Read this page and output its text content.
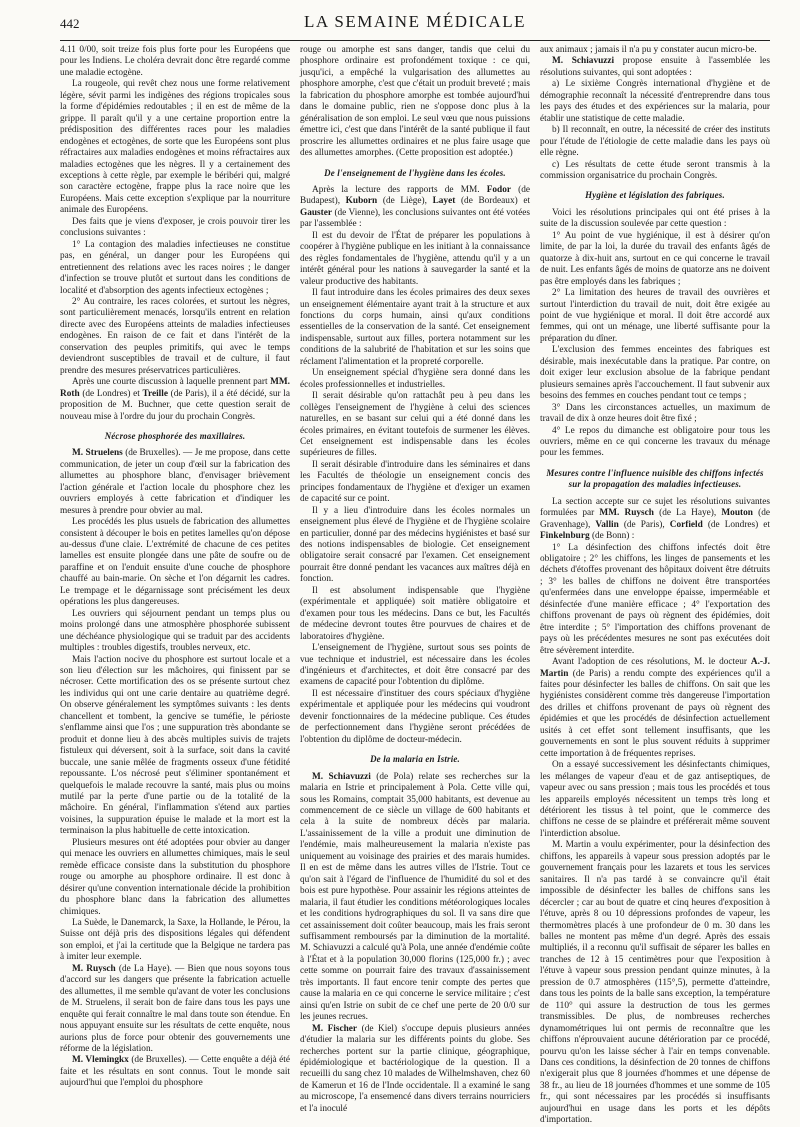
442	LA SEMAINE MÉDICALE

4.11 0/00, soit treize fois plus forte pour les Européens que pour les Indiens. Le choléra devrait donc être regardé comme une maladie ectogène.

La rougeole, qui revêt chez nous une forme relativement légère, sévit parmi les indigènes des régions tropicales sous la forme d'épidémies redoutables ; il en est de même de la grippe. Il paraît qu'il y a une certaine proportion entre la prédisposition des différentes races pour les maladies endogènes et ectogènes, de sorte que les Européens sont plus réfractaires aux maladies endogènes et moins réfractaires aux maladies ectogènes que les nègres. Il y a certainement des exceptions à cette règle, par exemple le béribéri qui, malgré son caractère ectogène, frappe plus la race noire que les Européens. Mais cette exception s'explique par la nourriture animale des Européens.

Des faits que je viens d'exposer, je crois pouvoir tirer les conclusions suivantes :

1° La contagion des maladies infectieuses ne constitue pas, en général, un danger pour les Européens qui entretiennent des relations avec les races noires ; le danger d'infection se trouve plutôt et surtout dans les conditions de localité et d'absorption des agents infectieux ectogènes ;

2° Au contraire, les races colorées, et surtout les nègres, sont particulièrement menacés, lorsqu'ils entrent en relation directe avec des Européens atteints de maladies infectieuses endogènes. En raison de ce fait et dans l'intérêt de la conservation des peuples primitifs, qui avec le temps deviendront susceptibles de travail et de culture, il faut prendre des mesures préservatrices particulières.

Après une courte discussion à laquelle prennent part MM. Roth (de Londres) et Treille (de Paris), il a été décidé, sur la proposition de M. Buchner, que cette question serait de nouveau mise à l'ordre du jour du prochain Congrès.

Nécrose phosphorée des maxillaires.

M. Struelens (de Bruxelles). — Je me propose, dans cette communication, de jeter un coup d'œil sur la fabrication des allumettes au phosphore blanc, d'envisager brièvement l'action générale et l'action locale du phosphore chez les ouvriers employés à cette fabrication et d'indiquer les mesures à prendre pour obvier au mal.

Les procédés les plus usuels de fabrication des allumettes consistent à découper le bois en petites lamelles qu'on dépose au-dessus d'une claie. L'extrémité de chacune de ces petites lamelles est ensuite plongée dans une pâte de soufre ou de paraffine et on l'enduit ensuite d'une couche de phosphore chauffé au bain-marie. On sèche et l'on dégarnit les cadres. Le trempage et le dégarnissage sont précisément les deux opérations les plus dangereuses.

Les ouvriers qui séjournent pendant un temps plus ou moins prolongé dans une atmosphère phosphorée subissent une déchéance physiologique qui se traduit par des accidents multiples : troubles digestifs, troubles nerveux, etc.

Mais l'action nocive du phosphore est surtout locale et a son lieu d'élection sur les mâchoires, qui finissent par se nécroser. Cette mortification des os se présente surtout chez les individus qui ont une carie dentaire au quatrième degré. On observe généralement les symptômes suivants : les dents chancellent et tombent, la gencive se tuméfie, le périoste s'enflamme ainsi que l'os ; une suppuration très abondante se produit et donne lieu à des abcès multiples suivis de trajets fistuleux qui déversent, soit à la surface, soit dans la cavité buccale, une sanie mêlée de fragments osseux d'une fétidité repoussante. L'os nécrosé peut s'éliminer spontanément et quelquefois le malade recouvre la santé, mais plus ou moins mutilé par la perte d'une partie ou de la totalité de la mâchoire. En général, l'inflammation s'étend aux parties voisines, la suppuration épuise le malade et la mort est la terminaison la plus habituelle de cette intoxication.

Plusieurs mesures ont été adoptées pour obvier au danger qui menace les ouvriers en allumettes chimiques, mais le seul remède efficace consiste dans la substitution du phosphore rouge ou amorphe au phosphore ordinaire. Il est donc à désirer qu'une convention internationale décide la prohibition du phosphore blanc dans la fabrication des allumettes chimiques.

La Suède, le Danemarck, la Saxe, la Hollande, le Pérou, la Suisse ont déjà pris des dispositions légales qui défendent son emploi, et j'ai la certitude que la Belgique ne tardera pas à imiter leur exemple.

M. Ruysch (de La Haye). — Bien que nous soyons tous d'accord sur les dangers que présente la fabrication actuelle des allumettes, il me semble qu'avant de voter les conclusions de M. Struelens, il serait bon de faire dans tous les pays une enquête qui ferait connaître le mal dans toute son étendue. En nous appuyant ensuite sur les résultats de cette enquête, nous aurions plus de force pour obtenir des gouvernements une réforme de la législation.

M. Vlemingkx (de Bruxelles). — Cette enquête a déjà été faite et les résultats en sont connus. Tout le monde sait aujourd'hui que l'emploi du phosphore

rouge ou amorphe est sans danger, tandis que celui du phosphore ordinaire est profondément toxique : ce qui, jusqu'ici, a empêché la vulgarisation des allumettes au phosphore amorphe, c'est que c'était un produit breveté ; mais la fabrication du phosphore amorphe est tombée aujourd'hui dans le domaine public, rien ne s'oppose donc plus à la généralisation de son emploi. Le seul vœu que nous puissions émettre ici, c'est que dans l'intérêt de la santé publique il faut proscrire les allumettes ordinaires et ne plus faire usage que des allumettes amorphes. (Cette proposition est adoptée.)

De l'enseignement de l'hygiène dans les écoles.

Après la lecture des rapports de MM. Fodor (de Budapest), Kuborn (de Liège), Layet (de Bordeaux) et Gauster (de Vienne), les conclusions suivantes ont été votées par l'assemblée :

Il est du devoir de l'État de préparer les populations à coopérer à l'hygiène publique en les initiant à la connaissance des règles fondamentales de l'hygiène, attendu qu'il y a un intérêt général pour les nations à sauvegarder la santé et la valeur productive des habitants.

Il faut introduire dans les écoles primaires des deux sexes un enseignement élémentaire ayant trait à la structure et aux fonctions du corps humain, ainsi qu'aux conditions essentielles de la conservation de la santé. Cet enseignement indispensable, surtout aux filles, portera notamment sur les conditions de la salubrité de l'habitation et sur les soins que réclament l'alimentation et la propreté corporelle.

Un enseignement spécial d'hygiène sera donné dans les écoles professionnelles et industrielles.

Il serait désirable qu'on rattachât peu à peu dans les collèges l'enseignement de l'hygiène à celui des sciences naturelles, en se basant sur celui qui a été donné dans les écoles primaires, en évitant toutefois de surmener les élèves. Cet enseignement est indispensable dans les écoles supérieures de filles.

Il serait désirable d'introduire dans les séminaires et dans les Facultés de théologie un enseignement concis des principes fondamentaux de l'hygiène et d'exiger un examen de capacité sur ce point.

Il y a lieu d'introduire dans les écoles normales un enseignement plus élevé de l'hygiène et de l'hygiène scolaire en particulier, donné par des médecins hygiénistes et basé sur des notions indispensables de biologie. Cet enseignement obligatoire serait consacré par l'examen. Cet enseignement pourrait être donné pendant les vacances aux maîtres déjà en fonction.

Il est absolument indispensable que l'hygiène (expérimentale et appliquée) soit matière obligatoire et d'examen pour tous les médecins. Dans ce but, les Facultés de médecine devront toutes être pourvues de chaires et de laboratoires d'hygiène.

L'enseignement de l'hygiène, surtout sous ses points de vue technique et industriel, est nécessaire dans les écoles d'ingénieurs et d'architectes, et doit être consacré par des examens de capacité pour l'obtention du diplôme.

Il est nécessaire d'instituer des cours spéciaux d'hygiène expérimentale et appliquée pour les médecins qui voudront devenir fonctionnaires de la médecine publique. Ces études de perfectionnement dans l'hygiène seront précédées de l'obtention du diplôme de docteur-médecin.

De la malaria en Istrie.

M. Schiavuzzi (de Pola) relate ses recherches sur la malaria en Istrie et principalement à Pola. Cette ville qui, sous les Romains, comptait 35,000 habitants, est devenue au commencement de ce siècle un village de 600 habitants et cela à la suite de nombreux décès par malaria. L'assainissement de la ville a produit une diminution de l'endémie, mais malheureusement la malaria n'existe pas uniquement au voisinage des prairies et des marais humides. Il en est de même dans les autres villes de l'Istrie. Tout ce qu'on sait à l'égard de l'influence de l'humidité du sol et des bois est pure hypothèse. Pour assainir les régions atteintes de malaria, il faut étudier les conditions météorologiques locales et les conditions hydrographiques du sol. Il va sans dire que cet assainissement doit coûter beaucoup, mais les frais seront suffisamment remboursés par la diminution de la mortalité. M. Schiavuzzi a calculé qu'à Pola, une année d'endémie coûte à l'État et à la population 30,000 florins (125,000 fr.) ; avec cette somme on pourrait faire des travaux d'assainissement très importants. Il faut encore tenir compte des pertes que cause la malaria en ce qui concerne le service militaire ; c'est ainsi qu'en Istrie on subit de ce chef une perte de 20 0/0 sur les jeunes recrues.

M. Fischer (de Kiel) s'occupe depuis plusieurs années d'étudier la malaria sur les différents points du globe. Ses recherches portent sur la partie clinique, géographique, épidémiologique et bactériologique de la question. Il a recueilli du sang chez 10 malades de Wilhelmshaven, chez 60 de Kamerun et 16 de l'Inde occidentale. Il a examiné le sang au microscope, l'a ensemencé dans divers terrains nourriciers et l'a inoculé

aux animaux ; jamais il n'a pu y constater aucun micro-be.

M. Schiavuzzi propose ensuite à l'assemblée les résolutions suivantes, qui sont adoptées :

a) Le sixième Congrès international d'hygiène et de démographie reconnaît la nécessité d'entreprendre dans tous les pays des études et des expériences sur la malaria, pour établir une statistique de cette maladie.

b) Il reconnaît, en outre, la nécessité de créer des instituts pour l'étude de l'étiologie de cette maladie dans les pays où elle règne.

c) Les résultats de cette étude seront transmis à la commission organisatrice du prochain Congrès.

Hygiène et législation des fabriques.

Voici les résolutions principales qui ont été prises à la suite de la discussion soulevée par cette question :

1° Au point de vue hygiénique, il est à désirer qu'on limite, de par la loi, la durée du travail des enfants âgés de quatorze à dix-huit ans, surtout en ce qui concerne le travail de nuit. Les enfants âgés de moins de quatorze ans ne doivent pas être employés dans les fabriques ;

2° La limitation des heures de travail des ouvrières et surtout l'interdiction du travail de nuit, doit être exigée au point de vue hygiénique et moral. Il doit être accordé aux femmes, qui ont un ménage, une liberté suffisante pour la préparation du dîner.

L'exclusion des femmes enceintes des fabriques est désirable, mais inexécutable dans la pratique. Par contre, on doit exiger leur exclusion absolue de la fabrique pendant plusieurs semaines après l'accouchement. Il faut subvenir aux besoins des femmes en couches pendant tout ce temps ;

3° Dans les circonstances actuelles, un maximum de travail de dix à onze heures doit être fixé ;

4° Le repos du dimanche est obligatoire pour tous les ouvriers, même en ce qui concerne les travaux du ménage pour les femmes.

Mesures contre l'influence nuisible des chiffons infectés sur la propagation des maladies infectieuses.

La section accepte sur ce sujet les résolutions suivantes formulées par MM. Ruysch (de La Haye), Mouton (de Gravenhage), Vallin (de Paris), Corfield (de Londres) et Finkelnburg (de Bonn) :

1° La désinfection des chiffons infectés doit être obligatoire ; 2° les chiffons, les linges de pansements et les déchets d'étoffes provenant des hôpitaux doivent être détruits ; 3° les balles de chiffons ne doivent être transportées qu'enfermées dans une enveloppe épaisse, imperméable et désinfectée d'une manière efficace ; 4° l'exportation des chiffons provenant de pays où règnent des épidémies, doit être interdite ; 5° l'importation des chiffons provenant de pays où les précédentes mesures ne sont pas exécutées doit être sévèrement interdite.

Avant l'adoption de ces résolutions, M. le docteur A.-J. Martin (de Paris) a rendu compte des expériences qu'il a faites pour désinfecter les balles de chiffons. On sait que les hygiénistes considèrent comme très dangereuse l'importation des drilles et chiffons provenant de pays où règnent des épidémies et que les procédés de désinfection actuellement usités à cet effet sont tellement insuffisants, que les gouvernements en sont le plus souvent réduits à supprimer cette importation à de fréquentes reprises.

On a essayé successivement les désinfectants chimiques, les mélanges de vapeur d'eau et de gaz antiseptiques, de vapeur avec ou sans pression ; mais tous les procédés et tous les appareils employés nécessitent un temps très long et détériorent les tissus à tel point, que le commerce des chiffons ne cesse de se plaindre et préférerait même souvent l'interdiction absolue.

M. Martin a voulu expérimenter, pour la désinfection des chiffons, les appareils à vapeur sous pression adoptés par le gouvernement français pour les lazarets et tous les services sanitaires. Il n'a pas tardé à se convaincre qu'il était impossible de désinfecter les balles de chiffons sans les décercler ; car au bout de quatre et cinq heures d'exposition à l'étuve, après 8 ou 10 dépressions profondes de vapeur, les thermomètres placés à une profondeur de 0 m. 30 dans les balles ne montent pas même d'un degré. Après des essais multipliés, il a reconnu qu'il suffisait de séparer les balles en tranches de 12 à 15 centimètres pour que l'exposition à l'étuve à vapeur sous pression pendant quinze minutes, à la pression de 0.7 atmosphères (115°,5), permette d'atteindre, dans tous les points de la balle sans exception, la température de 110° qui assure la destruction de tous les germes transmissibles. De plus, de nombreuses recherches dynamométriques lui ont permis de reconnaître que les chiffons n'éprouvaient aucune détérioration par ce procédé, pourvu qu'on les laisse sécher à l'air en temps convenable. Dans ces conditions, la désinfection de 20 tonnes de chiffons n'exigerait plus que 8 journées d'hommes et une dépense de 38 fr., au lieu de 18 journées d'hommes et une somme de 105 fr., qui sont nécessaires par les procédés si insuffisants aujourd'hui en usage dans les ports et les dépôts d'importation.
